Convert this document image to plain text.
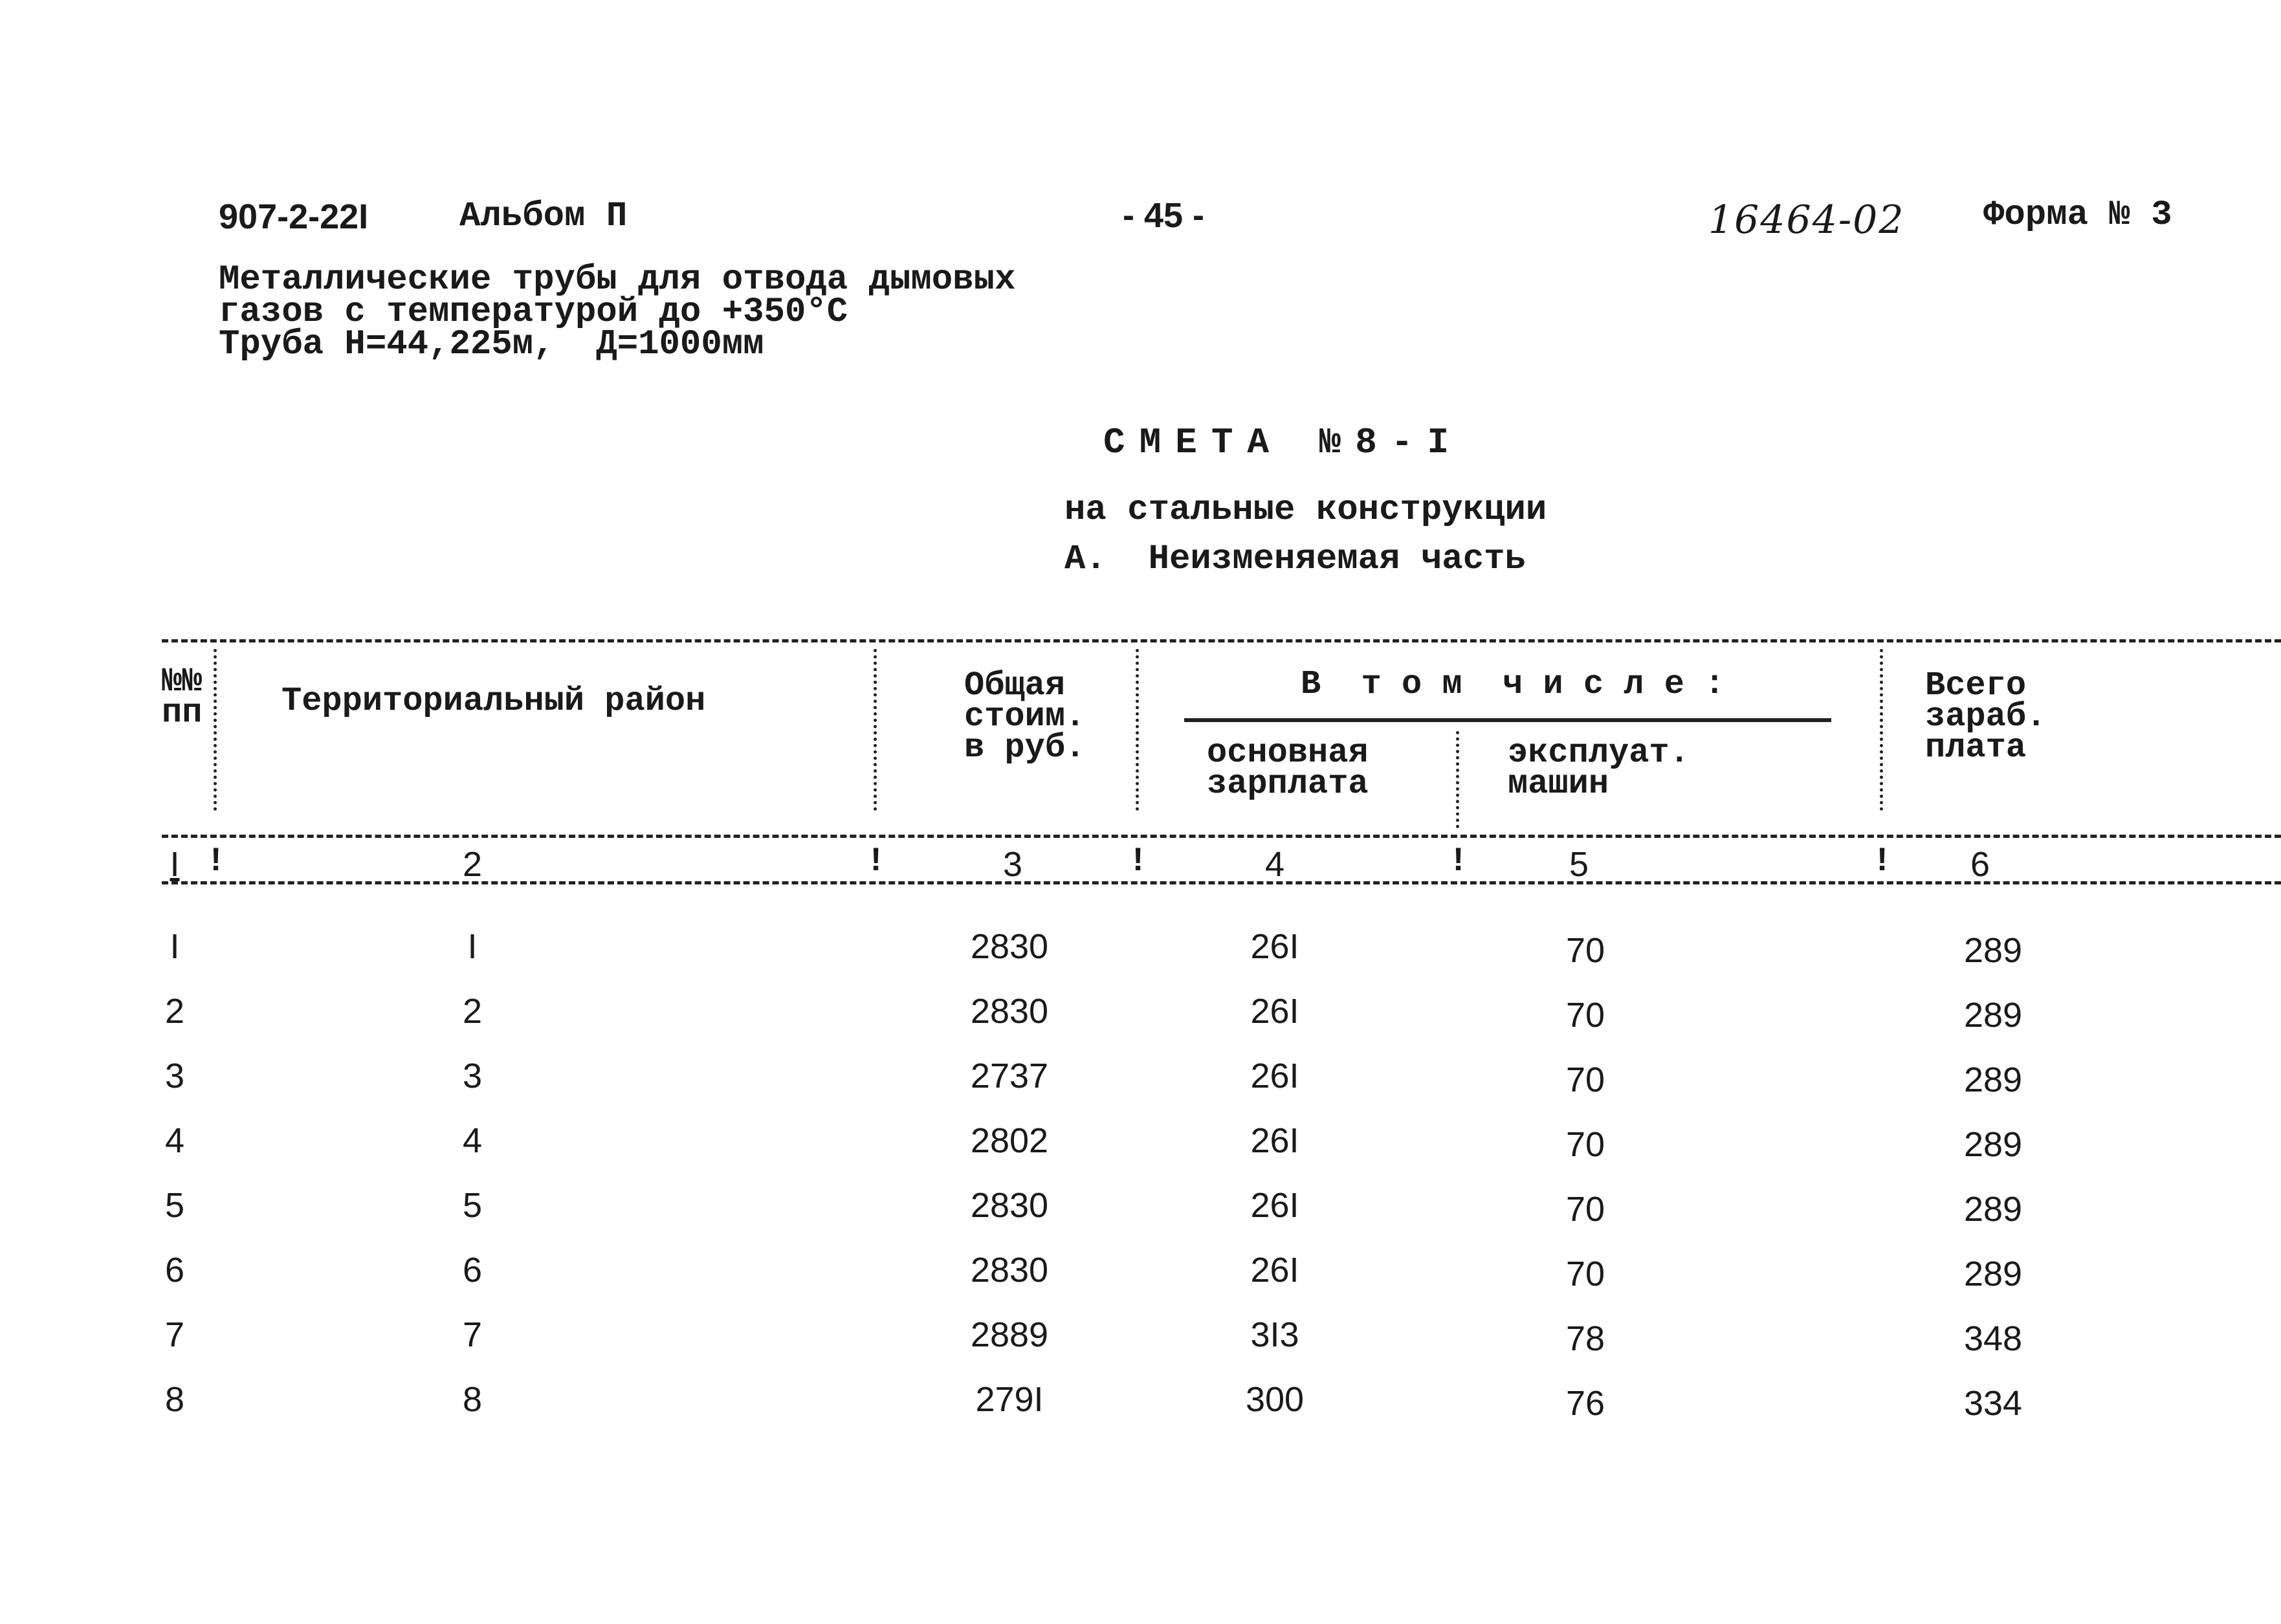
907-2-22I	Альбом П	- 45 -	16464-02 Форма № 3
Металлические трубы для отвода дымовых
газов с температурой до +350°C
Труба Н=44,225м,  Д=1000мм
СМЕТА №8-I
на стальные конструкции
А.  Неизменяемая часть
!	!	!	!	!
№№
пп Территориальный район	Общая
стоим.
в руб.
В  т о м  ч и с л е :
основная
зарплата
эксплуат.
машин
Всего
зараб.
плата
I	2	3	4	5	6
I	I	2830	26I	70	289
2	2	2830	26I	70	289
3	3	2737	26I	70	289
4	4	2802	26I	70	289
5	5	2830	26I	70	289
6	6	2830	26I	70	289
7	7	2889	3I3	78	348
8	8	279I	300	76	334
